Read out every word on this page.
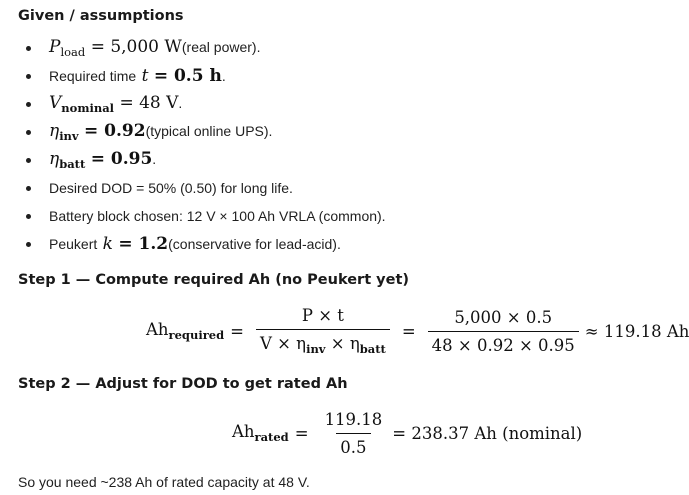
Given / assumptions
$P_{load} = 5,000$ W (real power).
Required time t = 0.5 h .
$V_{nominal} = 48$ V .
$\eta_{inv} = 0.92$ (typical online UPS).
$\eta_{batt} = 0.95$ .
Desired DOD = 50% (0.50) for long life.
Battery block chosen: 12 V × 100 Ah VRLA (common).
Peukert k = 1.2 (conservative for lead-acid).
Step 1 — Compute required Ah (no Peukert yet)
$Ah_{required} = \frac{P \times t}{V \times \eta_{inv} \times \eta_{batt}} = \frac{5,000 \times 0.5}{48 \times 0.92 \times 0.95} \approx 119.18$ Ah
Step 2 — Adjust for DOD to get rated Ah
$Ah_{rated} = \frac{119.18}{0.5} = 238.37$ Ah (nominal)
So you need ~238 Ah of rated capacity at 48 V.
